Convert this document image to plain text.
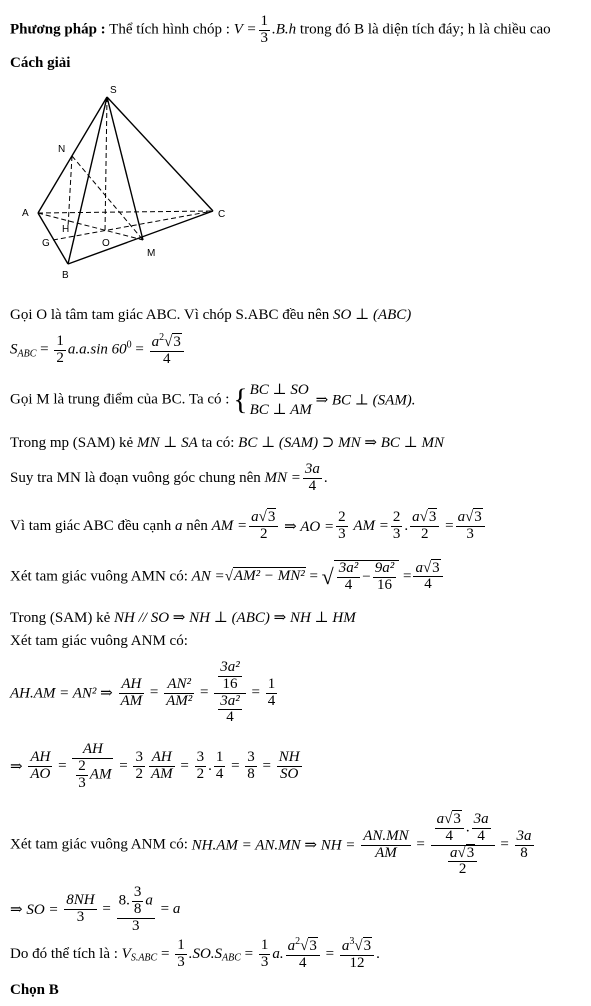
Phương pháp : Thể tích hình chóp : $V = \frac{1}{3} .B.h$ trong đó B là diện tích đáy; h là chiều cao
Cách giải
S
N
A
H
C
G	O
M
B
Gọi O là tâm tam giác ABC. Vì chóp S.ABC đều nên SO ⊥ (ABC)
$S_{ABC} = \frac{1}{2} a.a.\sin$ $60^0 = \frac{a^2√3}{4}$
Gọi M là trung điểm của BC. Ta có : { BC ⊥ SO
BC ⊥ AM ⇒ BC ⊥ (SAM).
Trong mp (SAM) kẻ MN ⊥ SA ta có: BC ⊥ (SAM) ⊃ MN ⇒ BC ⊥ MN
Suy tra MN là đoạn vuông góc chung nên MN = $\frac{3a}{4}$ .
Vì tam giác ABC đều cạnh a nên AM = $\frac{a√3}{2}$ ⇒ AO = $\frac{2}{3}$ AM = $\frac{2}{3}$ . $\frac{a√3}{2} = \frac{a√3}{3}$
Xét tam giác vuông AMN có: AN =√AM² − MN² = √ $\frac{\text{3a²}}{4} - \frac{\text{9a²}}{16} = \frac{a√3}{4}$
Trong (SAM) kẻ NH // SO ⇒ NH ⊥ (ABC) ⇒ NH ⊥ HM
Xét tam giác vuông ANM có:
AH.AM = AN² ⇒ $\frac{AH}{AM} = \frac{\text{AN²}}{\text{AM²}} = \frac{\frac{\text{3a²}}{16}}{\frac{\text{3a²}}{4}} = \frac{1}{4}$
⇒ $\frac{AH}{AO} = \frac{AH}{\frac{2}{3} AM} = \frac{3}{2} \frac{AH}{AM} = \frac{3}{2}$ . $\frac{1}{4} = \frac{3}{8} = \frac{NH}{SO}$
Xét tam giác vuông ANM có: NH.AM = AN.MN ⇒ NH = $\frac{AN.MN}{AM} = \frac{\frac{a√3}{4} . \frac{3a}{4}}{\frac{a√3}{2}} = \frac{3a}{8}$
⇒ SO = $\frac{8NH}{3} = \frac{8. \frac{3}{8} a}{3} = a$
Do đó thể tích là : $V_{S.ABC} = \frac{1}{3} .SO.S_{ABC} = \frac{1}{3} a$. $\frac{a^2√3}{4} = \frac{a^3√3}{12}$ .
Chọn B
